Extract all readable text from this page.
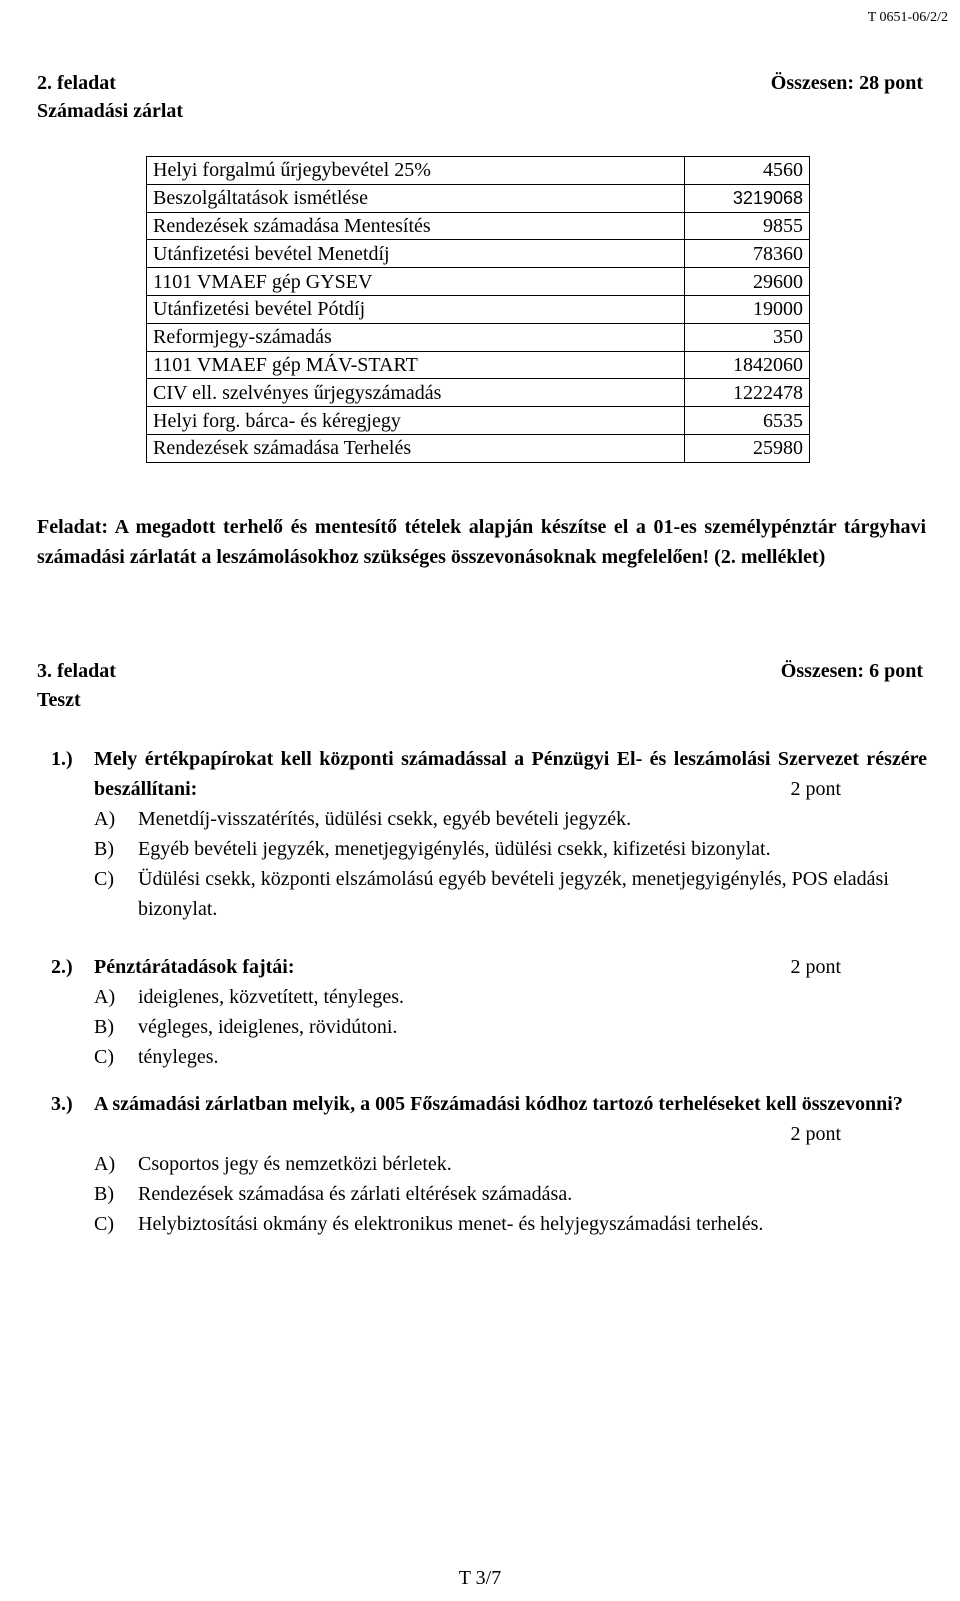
T 0651-06/2/2
2. feladat	Összesen: 28 pont
Számadási zárlat
Helyi forgalmú űrjegybevétel 25%	4560
Beszolgáltatások ismétlése	3219068
Rendezések számadása Mentesítés	9855
Utánfizetési bevétel Menetdíj	78360
1101 VMAEF gép GYSEV	29600
Utánfizetési bevétel Pótdíj	19000
Reformjegy-számadás	350
1101 VMAEF gép MÁV-START	1842060
CIV ell. szelvényes űrjegyszámadás	1222478
Helyi forg. bárca- és kéregjegy	6535
Rendezések számadása Terhelés	25980
Feladat: A megadott terhelő és mentesítő tételek alapján készítse el a 01-es személypénztár tárgyhavi számadási zárlatát a leszámolásokhoz szükséges összevonásoknak megfelelően! (2. melléklet)
3. feladat	Összesen: 6 pont
Teszt
1.) Mely értékpapírokat kell központi számadással a Pénzügyi El- és leszámolási Szervezet részére beszállítani:	2 pont
A) Menetdíj-visszatérítés, üdülési csekk, egyéb bevételi jegyzék.
B) Egyéb bevételi jegyzék, menetjegyigénylés, üdülési csekk, kifizetési bizonylat.
C) Üdülési csekk, központi elszámolású egyéb bevételi jegyzék, menetjegyigénylés, POS eladási bizonylat.
2.) Pénztárátadások fajtái:	2 pont
A) ideiglenes, közvetített, tényleges.
B) végleges, ideiglenes, rövidútoni.
C) tényleges.
3.) A számadási zárlatban melyik, a 005 Főszámadási kódhoz tartozó terheléseket kell összevonni?
2 pont
A) Csoportos jegy és nemzetközi bérletek.
B) Rendezések számadása és zárlati eltérések számadása.
C) Helybiztosítási okmány és elektronikus menet- és helyjegyszámadási terhelés.
T 3/7
